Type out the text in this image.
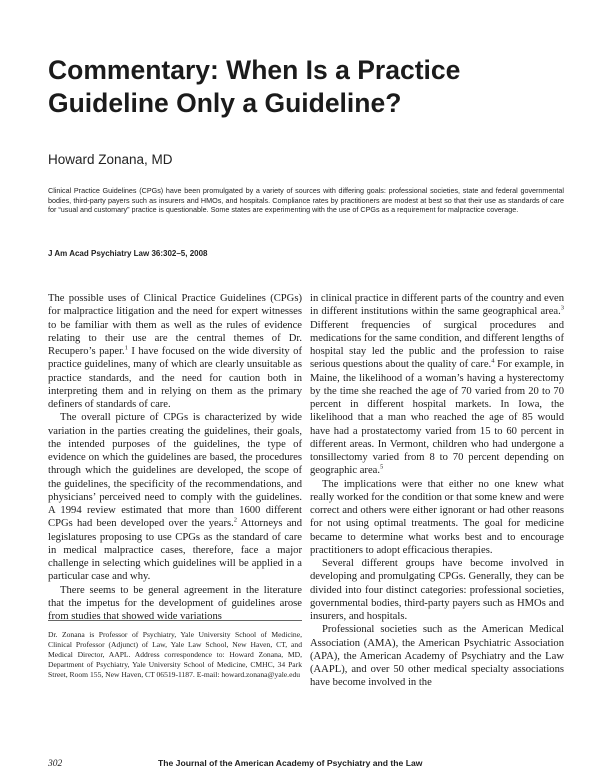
Commentary: When Is a Practice
Guideline Only a Guideline?
Howard Zonana, MD

Clinical Practice Guidelines (CPGs) have been promulgated by a variety of sources with differing goals: professional societies, state and federal governmental bodies, third-party payers such as insurers and HMOs, and hospitals. Compliance rates by practitioners are modest at best so that their use as standards of care for “usual and customary” practice is questionable. Some states are experimenting with the use of CPGs as a requirement for malpractice coverage.

J Am Acad Psychiatry Law 36:302–5, 2008

The possible uses of Clinical Practice Guidelines (CPGs) for malpractice litigation and the need for expert witnesses to be familiar with them as well as the rules of evidence relating to their use are the central themes of Dr. Recupero’s paper.$^1$ I have focused on the wide diversity of practice guidelines, many of which are clearly unsuitable as practice standards, and the need for caution both in interpreting them and in relying on them as the primary definers of standards of care.

The overall picture of CPGs is characterized by wide variation in the parties creating the guidelines, their goals, the intended purposes of the guidelines, the type of evidence on which the guidelines are based, the procedures through which the guidelines are developed, the scope of the guidelines, the specificity of the recommendations, and physicians’ perceived need to comply with the guidelines. A 1994 review estimated that more than 1600 different CPGs had been developed over the years.$^2$ Attorneys and legislatures proposing to use CPGs as the standard of care in medical malpractice cases, therefore, face a major challenge in selecting which guidelines will be applied in a particular case and why.

There seems to be general agreement in the literature that the impetus for the development of guidelines arose from studies that showed wide variations

in clinical practice in different parts of the country and even in different institutions within the same geographical area.$^3$ Different frequencies of surgical procedures and medications for the same condition, and different lengths of hospital stay led the public and the profession to raise serious questions about the quality of care.$^4$ For example, in Maine, the likelihood of a woman’s having a hysterectomy by the time she reached the age of 70 varied from 20 to 70 percent in different hospital markets. In Iowa, the likelihood that a man who reached the age of 85 would have had a prostatectomy varied from 15 to 60 percent in different areas. In Vermont, children who had undergone a tonsillectomy varied from 8 to 70 percent depending on geographic area.$^5$

The implications were that either no one knew what really worked for the condition or that some knew and were correct and others were either ignorant or had other reasons for not using optimal treatments. The goal for medicine became to determine what works best and to encourage practitioners to adopt efficacious therapies.

Several different groups have become involved in developing and promulgating CPGs. Generally, they can be divided into four distinct categories: professional societies, governmental bodies, third-party payers such as HMOs and insurers, and hospitals.

Professional societies such as the American Medical Association (AMA), the American Psychiatric Association (APA), the American Academy of Psychiatry and the Law (AAPL), and over 50 other medical specialty associations have become involved in the

Dr. Zonana is Professor of Psychiatry, Yale University School of Medicine, Clinical Professor (Adjunct) of Law, Yale Law School, New Haven, CT, and Medical Director, AAPL. Address correspondence to: Howard Zonana, MD, Department of Psychiatry, Yale University School of Medicine, CMHC, 34 Park Street, Room 155, New Haven, CT 06519-1187. E-mail: howard.zonana@yale.edu

302	The Journal of the American Academy of Psychiatry and the Law
